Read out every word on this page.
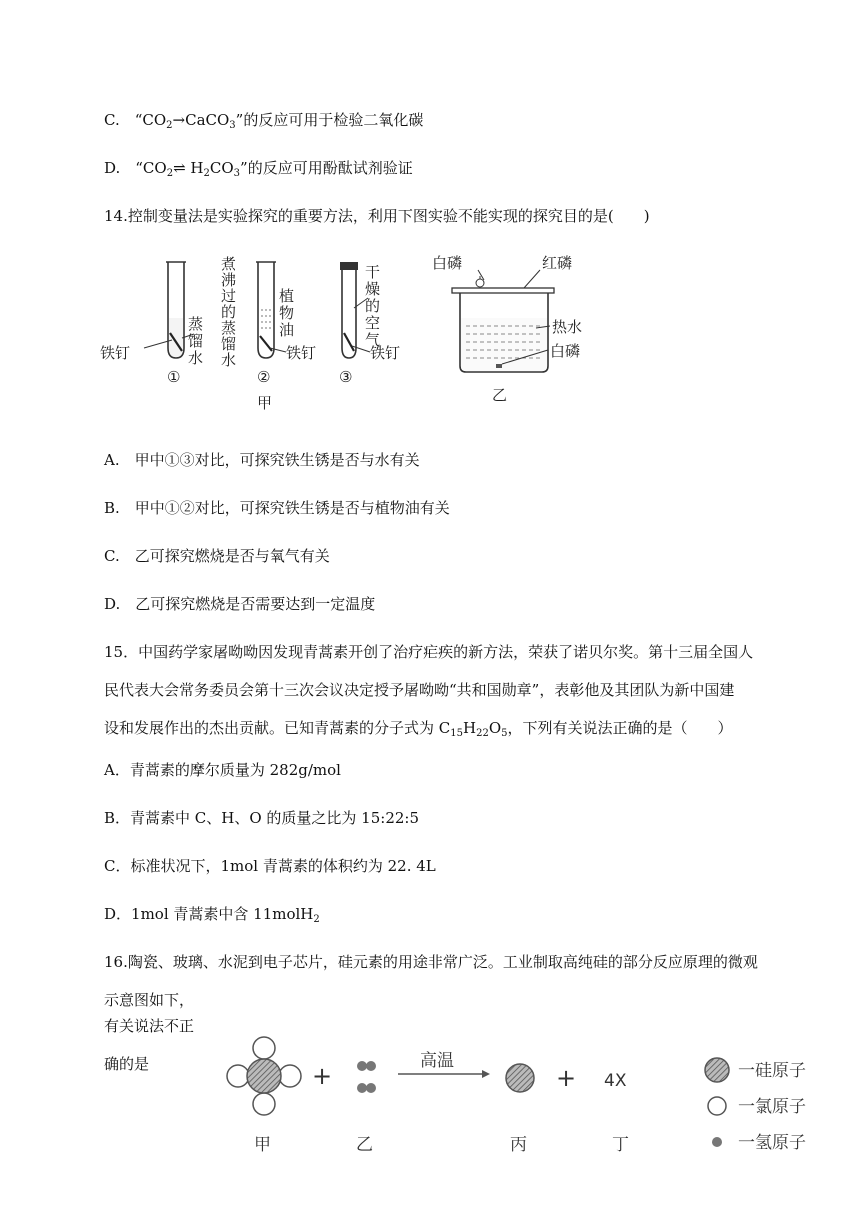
C.　“$CO_2\to CaCO_3$”的反应可用于检验二氧化碳
D.　“$CO_2\rightleftharpoons$ $H_2CO_3$”的反应可用酚酞试剂验证
14.控制变量法是实验探究的重要方法，利用下图实验不能实现的探究目的是(　　)
铁钉	蒸馏水
①
煮沸过的蒸馏水	植物油
铁钉
②
干燥的空气
铁钉
③
甲
白磷	红磷
热水
白磷
乙
A.　甲中①③对比，可探究铁生锈是否与水有关
B.　甲中①②对比，可探究铁生锈是否与植物油有关
C.　乙可探究燃烧是否与氧气有关
D.　乙可探究燃烧是否需要达到一定温度
15．中国药学家屠呦呦因发现青蒿素开创了治疗疟疾的新方法，荣获了诺贝尔奖。第十三届全国人
民代表大会常务委员会第十三次会议决定授予屠呦呦“共和国勋章”，表彰他及其团队为新中国建
设和发展作出的杰出贡献。已知青蒿素的分子式为 $C_{15}H_{22}O_5$，下列有关说法正确的是（　　）
A．青蒿素的摩尔质量为 282g/mol
B．青蒿素中 C、H、O 的质量之比为 15:22:5
C．标准状况下，1mol 青蒿素的体积约为 22. 4L
D．1mol 青蒿素中含 11molH$_2$
16.陶瓷、玻璃、水泥到电子芯片，硅元素的用途非常广泛。工业制取高纯硅的部分反应原理的微观
示意图如下，
有关说法不正
确的是
甲
+
乙
高温
丙
+ 4X
丁
一硅原子
一氯原子
一氢原子
